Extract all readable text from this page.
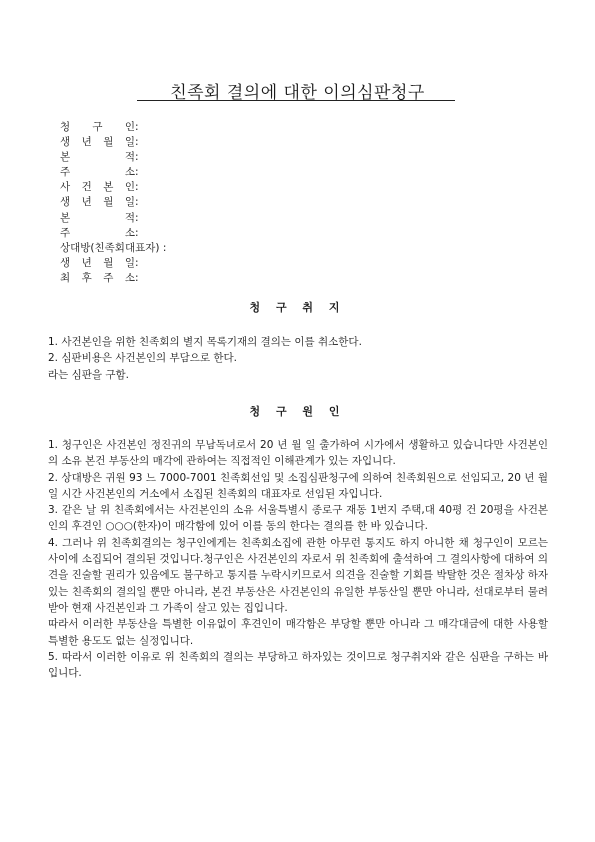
친족회 결의에 대한 이의심판청구
청 구 인 :
생 년 월 일 :
본	적 :
주	소 :
사 건 본 인 :
생 년 월 일 :
본	적 :
주	소 :
상대방(친족회대표자) :
생 년 월 일 :
최 후 주 소 :
청 구 취 지

1. 사건본인을 위한 친족회의 별지 목록기재의 결의는 이를 취소한다.

2. 심판비용은 사건본인의 부담으로 한다.

라는 심판을 구함.

청 구 원 인

1. 청구인은 사건본인 정진귀의 무남독녀로서 20 년 월 일 출가하여 시가에서 생활하고 있습니다만 사건본인의 소유 본건 부동산의 매각에 관하여는 직접적인 이해관계가 있는 자입니다.

2. 상대방은 귀원 93 느 7000-7001 친족회선임 및 소집심판청구에 의하여 친족회원으로 선임되고, 20 년 월 일 시간 사건본인의 거소에서 소집된 친족회의 대표자로 선임된 자입니다.

3. 같은 날 위 친족회에서는 사건본인의 소유 서울특별시 종로구 재동 1번지 주택,대 40평 건 20평을 사건본인의 후견인 ○○○(한자)이 매각함에 있어 이를 동의 한다는 결의를 한 바 있습니다.

4. 그러나 위 친족회결의는 청구인에게는 친족회소집에 관한 아무런 통지도 하지 아니한 채 청구인이 모르는 사이에 소집되어 결의된 것입니다.청구인은 사건본인의 자로서 위 친족회에 출석하여 그 결의사항에 대하여 의견을 진술할 권리가 있음에도 불구하고 통지를 누락시키므로서 의견을 진술할 기회를 박탈한 것은 절차상 하자있는 친족회의 결의일 뿐만 아니라, 본건 부동산은 사건본인의 유일한 부동산일 뿐만 아니라, 선대로부터 물려받아 현재 사건본인과 그 가족이 살고 있는 집입니다.

따라서 이러한 부동산을 특별한 이유없이 후견인이 매각함은 부당할 뿐만 아니라 그 매각대금에 대한 사용할 특별한 용도도 없는 실정입니다.

5. 따라서 이러한 이유로 위 친족회의 결의는 부당하고 하자있는 것이므로 청구취지와 같은 심판을 구하는 바입니다.
